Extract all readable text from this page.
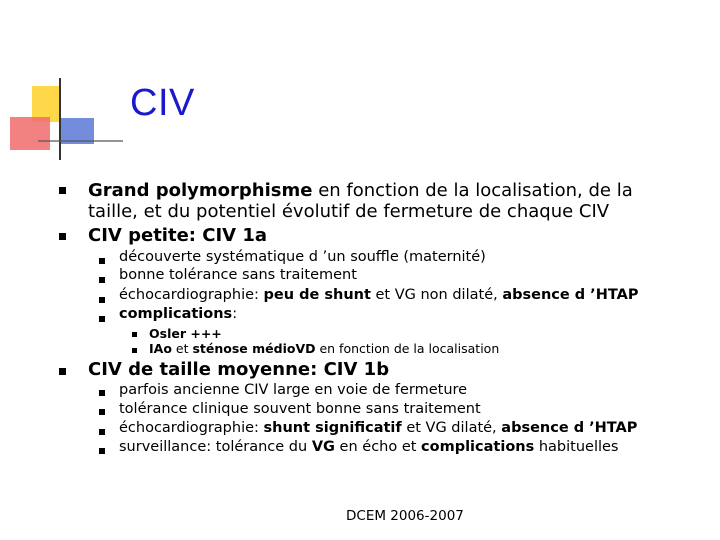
CIV
Grand polymorphisme en fonction de la localisation, de la
taille, et du potentiel évolutif de fermeture de chaque CIV
CIV petite: CIV 1a
découverte systématique d ’un souffle (maternité)
bonne tolérance sans traitement
échocardiographie: peu de shunt et VG non dilaté, absence d ’HTAP
complications:
Osler +++
IAo et sténose médioVD en fonction de la localisation
CIV de taille moyenne: CIV 1b
parfois ancienne CIV large en voie de fermeture
tolérance clinique souvent bonne sans traitement
échocardiographie: shunt significatif et VG dilaté, absence d ’HTAP
surveillance: tolérance du VG en écho et complications habituelles
DCEM 2006-2007
